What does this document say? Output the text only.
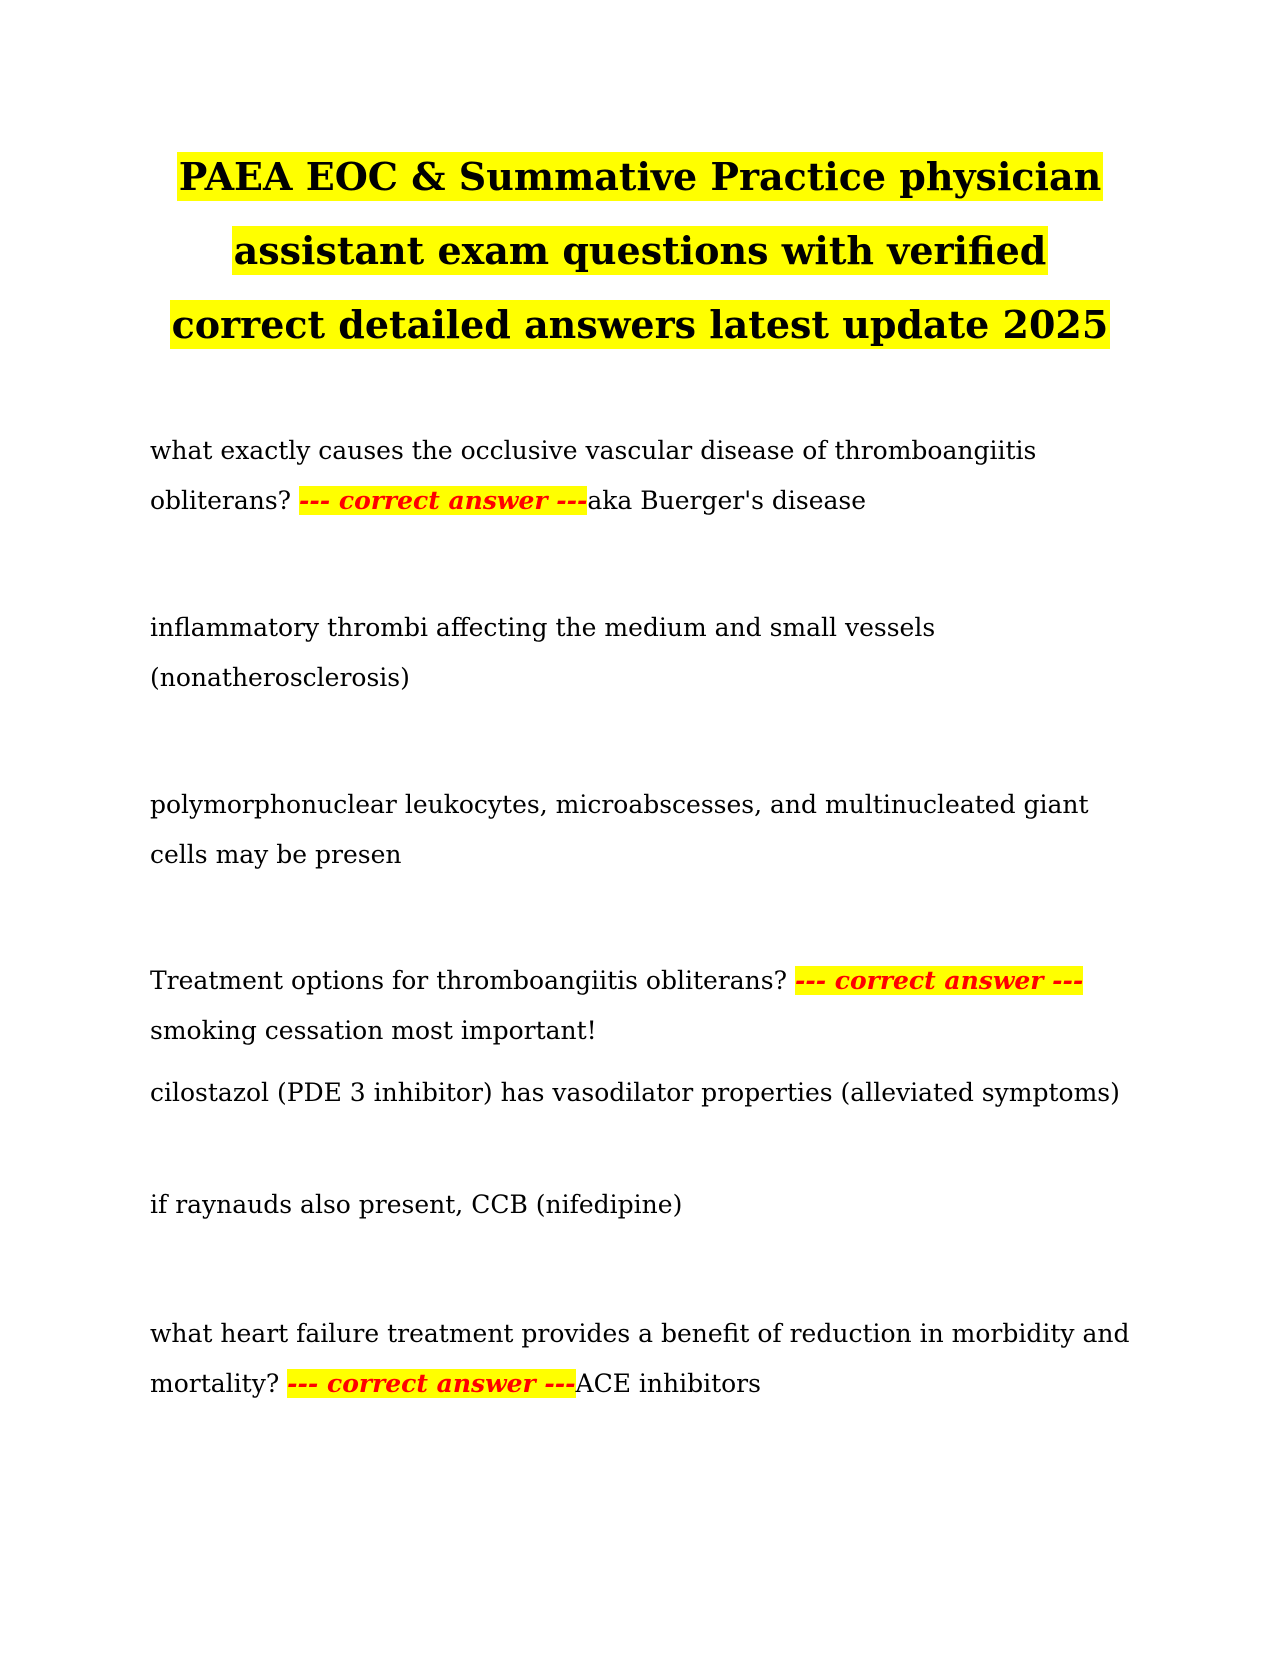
PAEA EOC & Summative Practice physician
assistant exam questions with verified
correct detailed answers latest update 2025

what exactly causes the occlusive vascular disease of thromboangiitis obliterans? --- correct answer ---aka Buerger's disease

inflammatory thrombi affecting the medium and small vessels (nonatherosclerosis)

polymorphonuclear leukocytes, microabscesses, and multinucleated giant cells may be presen

Treatment options for thromboangiitis obliterans? --- correct answer ---smoking cessation most important!

cilostazol (PDE 3 inhibitor) has vasodilator properties (alleviated symptoms)

if raynauds also present, CCB (nifedipine)

what heart failure treatment provides a benefit of reduction in morbidity and mortality? --- correct answer ---ACE inhibitors
